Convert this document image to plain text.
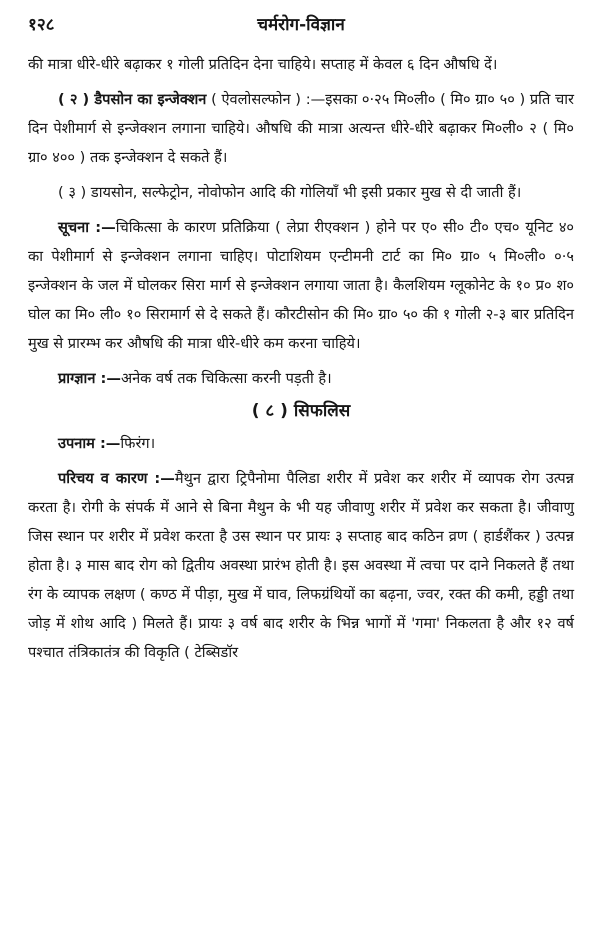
१२८	चर्मरोग-विज्ञान

की मात्रा धीरे-धीरे बढ़ाकर १ गोली प्रतिदिन देना चाहिये। सप्ताह में केवल ६ दिन औषधि दें।

( २ ) डैपसोन का इन्जेक्शन ( ऐवलोसल्फोन ) :—इसका ०·२५ मि०ली० ( मि० ग्रा० ५० ) प्रति चार दिन पेशीमार्ग से इन्जेक्शन लगाना चाहिये। औषधि की मात्रा अत्यन्त धीरे-धीरे बढ़ाकर मि०ली० २ ( मि० ग्रा० ४०० ) तक इन्जेक्शन दे सकते हैं।

( ३ ) डायसोन, सल्फेट्रोन, नोवोफोन आदि की गोलियाँ भी इसी प्रकार मुख से दी जाती हैं।

सूचना :—चिकित्सा के कारण प्रतिक्रिया ( लेप्रा रीएक्शन ) होने पर ए० सी० टी० एच० यूनिट ४० का पेशीमार्ग से इन्जेक्शन लगाना चाहिए। पोटाशियम एन्टीमनी टार्ट का मि० ग्रा० ५ मि०ली० ०·५ इन्जेक्शन के जल में घोलकर सिरा मार्ग से इन्जेक्शन लगाया जाता है। कैलशियम ग्लूकोनेट के १० प्र० श० घोल का मि० ली० १० सिरामार्ग से दे सकते हैं। कौरटीसोन की मि० ग्रा० ५० की १ गोली २-३ बार प्रतिदिन मुख से प्रारम्भ कर औषधि की मात्रा धीरे-धीरे कम करना चाहिये।

प्राग्ज्ञान :—अनेक वर्ष तक चिकित्सा करनी पड़ती है।

( ८ ) सिफलिस

उपनाम :—फिरंग।

परिचय व कारण :—मैथुन द्वारा ट्रिपैनोमा पैलिडा शरीर में प्रवेश कर शरीर में व्यापक रोग उत्पन्न करता है। रोगी के संपर्क में आने से बिना मैथुन के भी यह जीवाणु शरीर में प्रवेश कर सकता है। जीवाणु जिस स्थान पर शरीर में प्रवेश करता है उस स्थान पर प्रायः ३ सप्ताह बाद कठिन व्रण ( हार्डशैंकर ) उत्पन्न होता है। ३ मास बाद रोग को द्वितीय अवस्था प्रारंभ होती है। इस अवस्था में त्वचा पर दाने निकलते हैं तथा रंग के व्यापक लक्षण ( कण्ठ में पीड़ा, मुख में घाव, लिफग्रंथियों का बढ़ना, ज्वर, रक्त की कमी, हड्डी तथा जोड़ में शोथ आदि ) मिलते हैं। प्रायः ३ वर्ष बाद शरीर के भिन्न भागों में 'गमा' निकलता है और १२ वर्ष पश्चात तंत्रिकातंत्र की विकृति ( टेब्सिडॉर
